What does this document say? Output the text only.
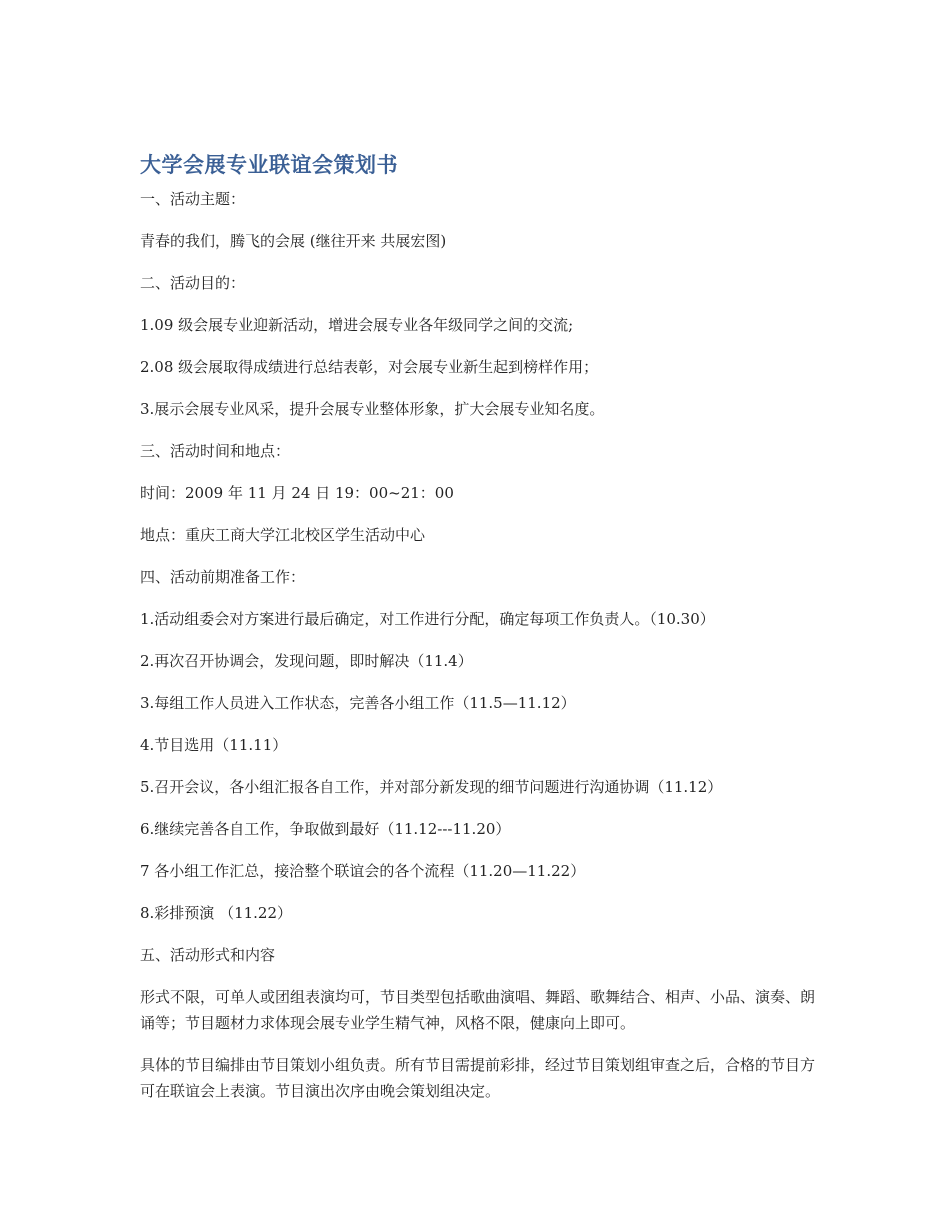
大学会展专业联谊会策划书

一、活动主题：

青春的我们，腾飞的会展 (继往开来 共展宏图)

二、活动目的：

1.09 级会展专业迎新活动，增进会展专业各年级同学之间的交流;

2.08 级会展取得成绩进行总结表彰，对会展专业新生起到榜样作用；

3.展示会展专业风采，提升会展专业整体形象，扩大会展专业知名度。

三、活动时间和地点：

时间：2009 年 11 月 24 日 19：00~21：00

地点：重庆工商大学江北校区学生活动中心

四、活动前期准备工作：

1.活动组委会对方案进行最后确定，对工作进行分配，确定每项工作负责人。（10.30）

2.再次召开协调会，发现问题，即时解决（11.4）

3.每组工作人员进入工作状态，完善各小组工作（11.5—11.12）

4.节目选用（11.11）

5.召开会议，各小组汇报各自工作，并对部分新发现的细节问题进行沟通协调（11.12）

6.继续完善各自工作，争取做到最好（11.12---11.20）

7 各小组工作汇总，接洽整个联谊会的各个流程（11.20—11.22）

8.彩排预演 （11.22）

五、活动形式和内容

形式不限，可单人或团组表演均可，节目类型包括歌曲演唱、舞蹈、歌舞结合、相声、小品、演奏、朗诵等；节目题材力求体现会展专业学生精气神，风格不限，健康向上即可。

具体的节目编排由节目策划小组负责。所有节目需提前彩排，经过节目策划组审查之后，合格的节目方可在联谊会上表演。节目演出次序由晚会策划组决定。
